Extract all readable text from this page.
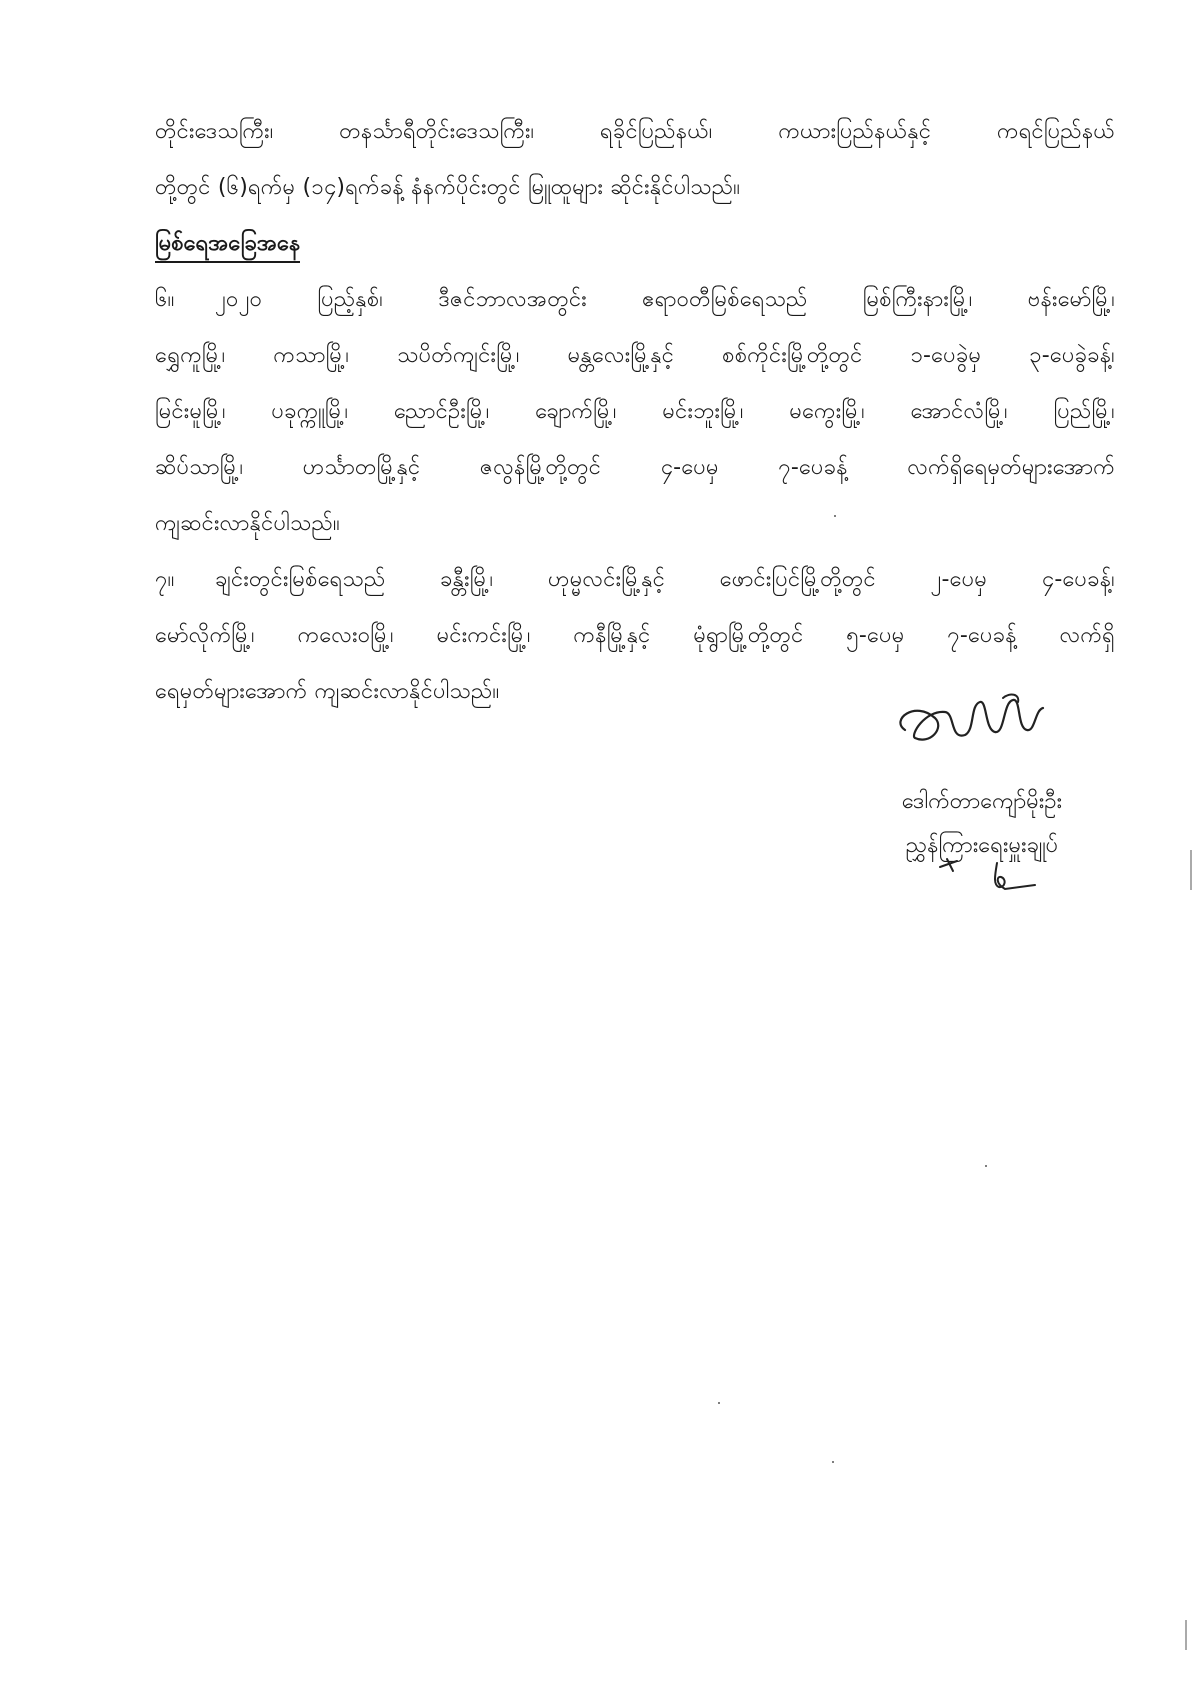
တိုင်းဒေသကြီး၊ တနင်္သာရီတိုင်းဒေသကြီး၊ ရခိုင်ပြည်နယ်၊ ကယားပြည်နယ်နှင့် ကရင်ပြည်နယ်
တို့တွင် (၆)ရက်မှ (၁၄)ရက်ခန့် နံနက်ပိုင်းတွင် မြူထူများ ဆိုင်းနိုင်ပါသည်။
မြစ်ရေအခြေအနေ
၆။ ၂၀၂၀ ပြည့်နှစ်၊ ဒီဇင်ဘာလအတွင်း ဧရာဝတီမြစ်ရေသည် မြစ်ကြီးနားမြို့၊ ဗန်းမော်မြို့၊
ရွှေကူမြို့၊ ကသာမြို့၊ သပိတ်ကျင်းမြို့၊ မန္တလေးမြို့နှင့် စစ်ကိုင်းမြို့တို့တွင် ၁-ပေခွဲမှ ၃-ပေခွဲခန့်၊
မြင်းမူမြို့၊ ပခုက္ကူမြို့၊ ညောင်ဦးမြို့၊ ချောက်မြို့၊ မင်းဘူးမြို့၊ မကွေးမြို့၊ အောင်လံမြို့၊ ပြည်မြို့၊
ဆိပ်သာမြို့၊ ဟင်္သာတမြို့နှင့် ဇလွန်မြို့တို့တွင် ၄-ပေမှ ၇-ပေခန့် လက်ရှိရေမှတ်များအောက်
ကျဆင်းလာနိုင်ပါသည်။
၇။ ချင်းတွင်းမြစ်ရေသည် ခန္တီးမြို့၊ ဟုမ္မလင်းမြို့နှင့် ဖောင်းပြင်မြို့တို့တွင် ၂-ပေမှ ၄-ပေခန့်၊
မော်လိုက်မြို့၊ ကလေးဝမြို့၊ မင်းကင်းမြို့၊ ကနီမြို့နှင့် မုံရွာမြို့တို့တွင် ၅-ပေမှ ၇-ပေခန့် လက်ရှိ
ရေမှတ်များအောက် ကျဆင်းလာနိုင်ပါသည်။
ဒေါက်တာကျော်မိုးဦး
ညွှန်ကြားရေးမှူးချုပ်
